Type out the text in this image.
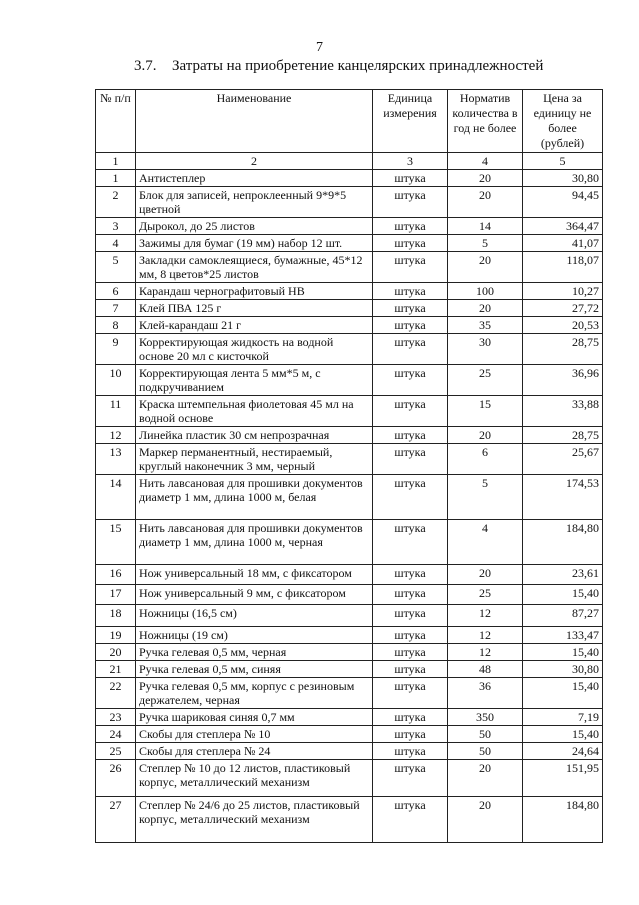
7
3.7. Затраты на приобретение канцелярских принадлежностей
№ п/п	Наименование	Единица измерения	Норматив количества в год не более	Цена за единицу не более (рублей)
1	2	3	4	5
1	Антистеплер	штука	20	30,80
2	Блок для записей, непроклеенный 9*9*5 цветной	штука	20	94,45
3	Дырокол, до 25 листов	штука	14	364,47
4	Зажимы для бумаг (19 мм) набор 12 шт.	штука	5	41,07
5	Закладки самоклеящиеся, бумажные, 45*12 мм, 8 цветов*25 листов	штука	20	118,07
6	Карандаш чернографитовый НВ	штука	100	10,27
7	Клей ПВА 125 г	штука	20	27,72
8	Клей-карандаш 21 г	штука	35	20,53
9	Корректирующая жидкость на водной основе 20 мл с кисточкой	штука	30	28,75
10	Корректирующая лента 5 мм*5 м, с подкручиванием	штука	25	36,96
11	Краска штемпельная фиолетовая 45 мл на водной основе	штука	15	33,88
12	Линейка пластик 30 см непрозрачная	штука	20	28,75
13	Маркер перманентный, нестираемый, круглый наконечник 3 мм, черный	штука	6	25,67
14	Нить лавсановая для прошивки документов диаметр 1 мм, длина 1000 м, белая	штука	5	174,53
15	Нить лавсановая для прошивки документов диаметр 1 мм, длина 1000 м, черная	штука	4	184,80
16	Нож универсальный 18 мм, с фиксатором	штука	20	23,61
17	Нож универсальный 9 мм, с фиксатором	штука	25	15,40
18	Ножницы (16,5 см)	штука	12	87,27
19	Ножницы (19 см)	штука	12	133,47
20	Ручка гелевая 0,5 мм, черная	штука	12	15,40
21	Ручка гелевая 0,5 мм, синяя	штука	48	30,80
22	Ручка гелевая 0,5 мм, корпус с резиновым держателем, черная	штука	36	15,40
23	Ручка шариковая синяя 0,7 мм	штука	350	7,19
24	Скобы для степлера № 10	штука	50	15,40
25	Скобы для степлера № 24	штука	50	24,64
26	Степлер № 10 до 12 листов, пластиковый корпус, металлический механизм	штука	20	151,95
27	Степлер № 24/6 до 25 листов, пластиковый корпус, металлический механизм	штука	20	184,80
